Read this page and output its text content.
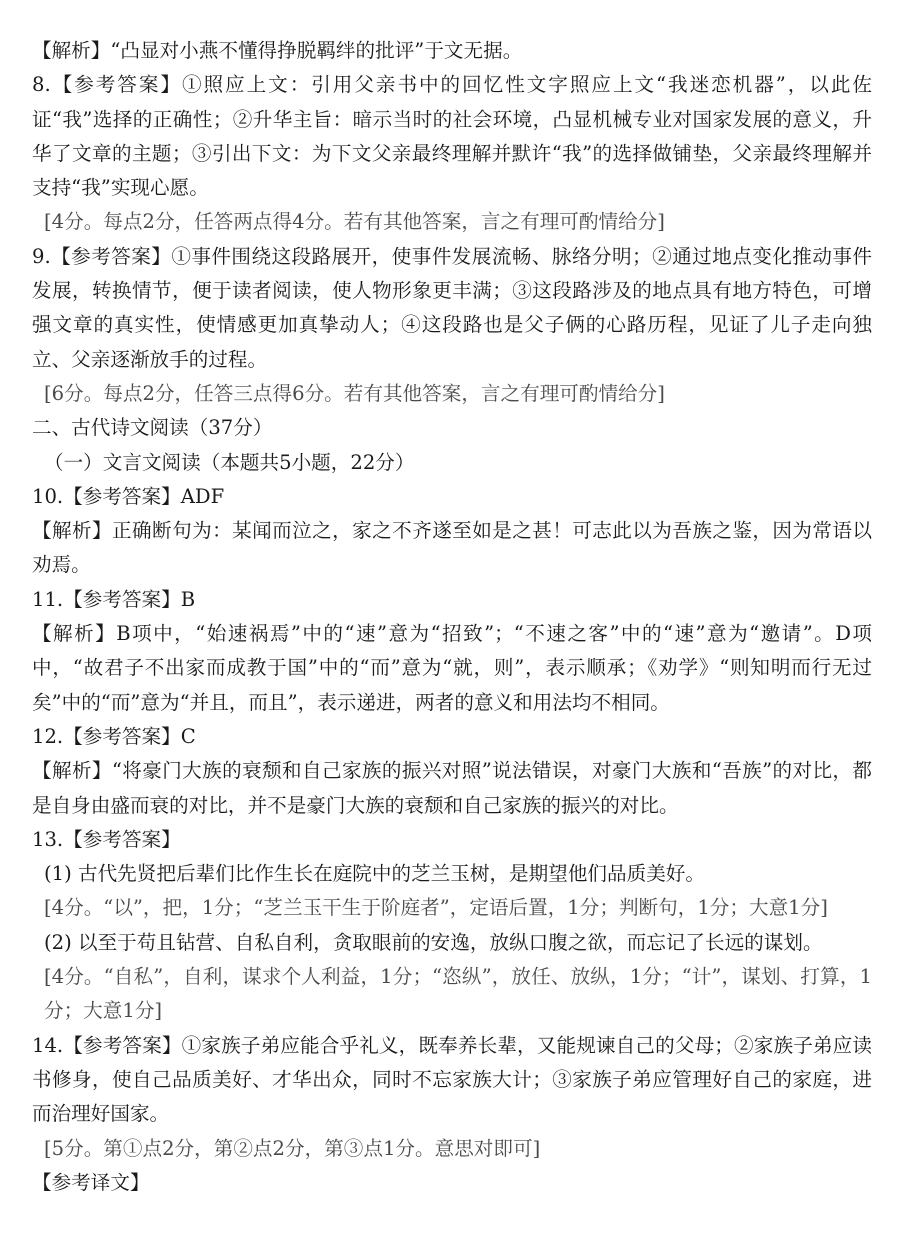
【解析】“凸显对小燕不懂得挣脱羁绊的批评”于文无据。

8.【参考答案】①照应上文：引用父亲书中的回忆性文字照应上文“我迷恋机器”，以此佐证“我”选择的正确性；②升华主旨：暗示当时的社会环境，凸显机械专业对国家发展的意义，升华了文章的主题；③引出下文：为下文父亲最终理解并默许“我”的选择做铺垫，父亲最终理解并支持“我”实现心愿。

[4分。每点2分，任答两点得4分。若有其他答案，言之有理可酌情给分]

9.【参考答案】①事件围绕这段路展开，使事件发展流畅、脉络分明；②通过地点变化推动事件发展，转换情节，便于读者阅读，使人物形象更丰满；③这段路涉及的地点具有地方特色，可增强文章的真实性，使情感更加真挚动人；④这段路也是父子俩的心路历程，见证了儿子走向独立、父亲逐渐放手的过程。

[6分。每点2分，任答三点得6分。若有其他答案，言之有理可酌情给分]

二、古代诗文阅读（37分）

（一）文言文阅读（本题共5小题，22分）

10.【参考答案】ADF

【解析】正确断句为：某闻而泣之，家之不齐遂至如是之甚！可志此以为吾族之鉴，因为常语以劝焉。

11.【参考答案】B

【解析】B项中，“始速祸焉”中的“速”意为“招致”；“不速之客”中的“速”意为“邀请”。D项中，“故君子不出家而成教于国”中的“而”意为“就，则”，表示顺承；《劝学》“则知明而行无过矣”中的“而”意为“并且，而且”，表示递进，两者的意义和用法均不相同。

12.【参考答案】C

【解析】“将豪门大族的衰颓和自己家族的振兴对照”说法错误，对豪门大族和“吾族”的对比，都是自身由盛而衰的对比，并不是豪门大族的衰颓和自己家族的振兴的对比。

13.【参考答案】

(1) 古代先贤把后辈们比作生长在庭院中的芝兰玉树，是期望他们品质美好。

[4分。“以”，把，1分；“芝兰玉干生于阶庭者”，定语后置，1分；判断句，1分；大意1分]

(2) 以至于苟且钻营、自私自利，贪取眼前的安逸，放纵口腹之欲，而忘记了长远的谋划。

[4分。“自私”，自利，谋求个人利益，1分；“恣纵”，放任、放纵，1分；“计”，谋划、打算，1分；大意1分]

14.【参考答案】①家族子弟应能合乎礼义，既奉养长辈，又能规谏自己的父母；②家族子弟应读书修身，使自己品质美好、才华出众，同时不忘家族大计；③家族子弟应管理好自己的家庭，进而治理好国家。

[5分。第①点2分，第②点2分，第③点1分。意思对即可]

【参考译文】
